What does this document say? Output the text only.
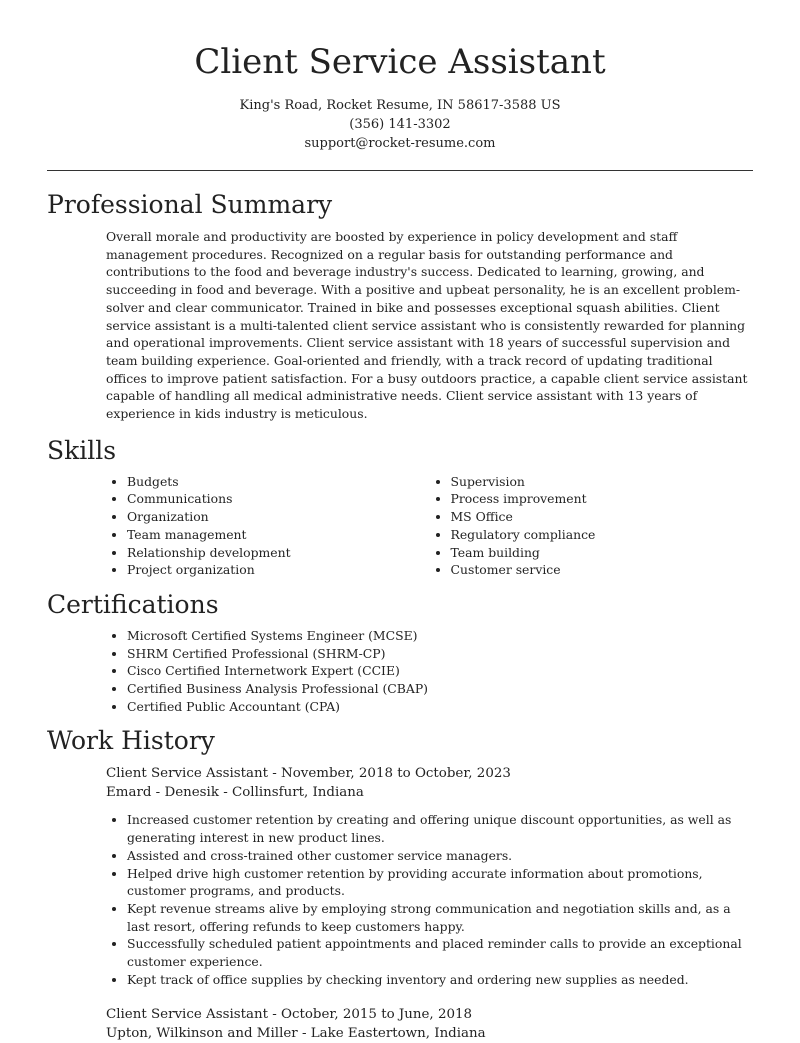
Client Service Assistant
King's Road, Rocket Resume, IN 58617-3588 US
(356) 141-3302
support@rocket-resume.com
Professional Summary
Overall morale and productivity are boosted by experience in policy development and staff management procedures. Recognized on a regular basis for outstanding performance and contributions to the food and beverage industry's success. Dedicated to learning, growing, and succeeding in food and beverage. With a positive and upbeat personality, he is an excellent problem-solver and clear communicator. Trained in bike and possesses exceptional squash abilities. Client service assistant is a multi-talented client service assistant who is consistently rewarded for planning and operational improvements. Client service assistant with 18 years of successful supervision and team building experience. Goal-oriented and friendly, with a track record of updating traditional offices to improve patient satisfaction. For a busy outdoors practice, a capable client service assistant capable of handling all medical administrative needs. Client service assistant with 13 years of experience in kids industry is meticulous.
Skills
• Budgets
• Communications
• Organization
• Team management
• Relationship development
• Project organization
• Supervision
• Process improvement
• MS Office
• Regulatory compliance
• Team building
• Customer service
Certifications
• Microsoft Certified Systems Engineer (MCSE)
• SHRM Certified Professional (SHRM-CP)
• Cisco Certified Internetwork Expert (CCIE)
• Certified Business Analysis Professional (CBAP)
• Certified Public Accountant (CPA)
Work History
Client Service Assistant - November, 2018 to October, 2023
Emard - Denesik - Collinsfurt, Indiana
• Increased customer retention by creating and offering unique discount opportunities, as well as generating interest in new product lines.
• Assisted and cross-trained other customer service managers.
• Helped drive high customer retention by providing accurate information about promotions, customer programs, and products.
• Kept revenue streams alive by employing strong communication and negotiation skills and, as a last resort, offering refunds to keep customers happy.
• Successfully scheduled patient appointments and placed reminder calls to provide an exceptional customer experience.
• Kept track of office supplies by checking inventory and ordering new supplies as needed.
Client Service Assistant - October, 2015 to June, 2018
Upton, Wilkinson and Miller - Lake Eastertown, Indiana
